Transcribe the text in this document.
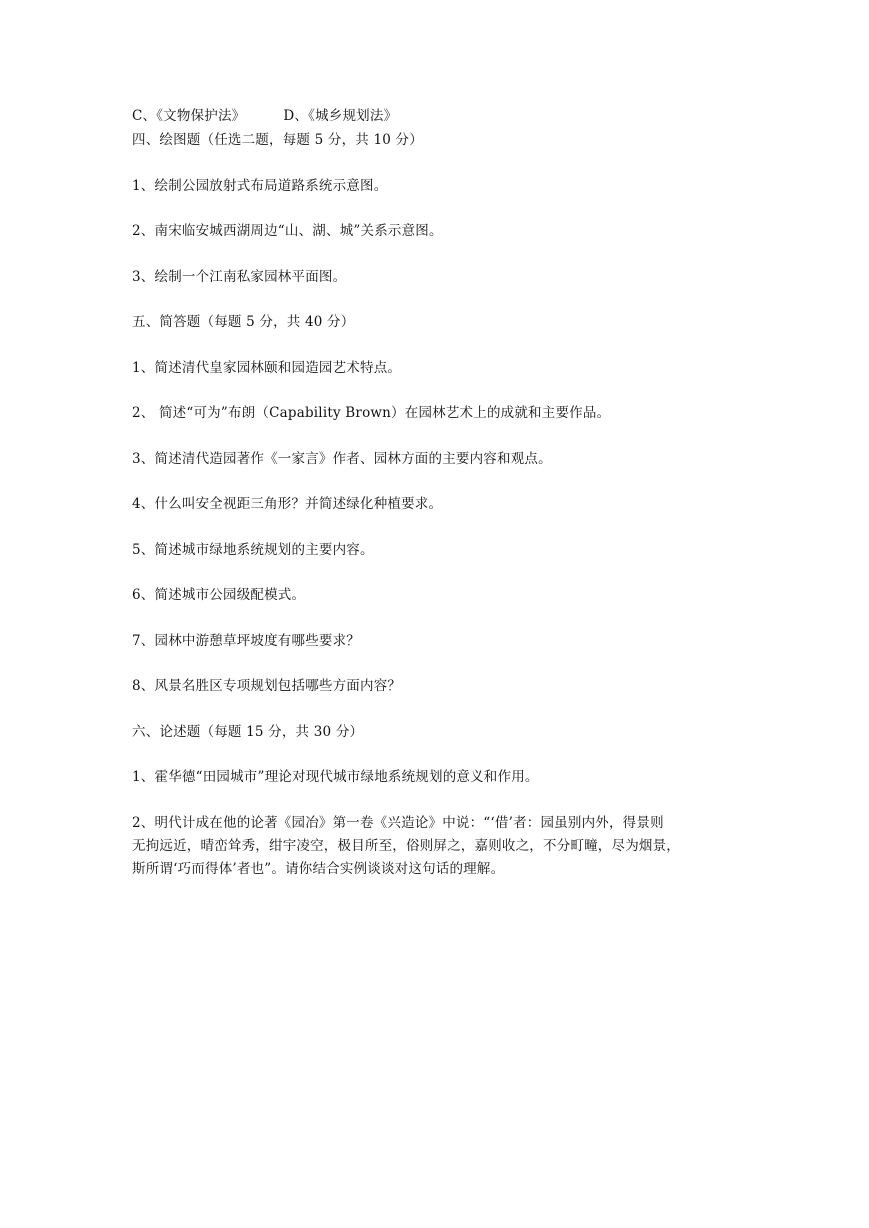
C、《文物保护法》	D、《城乡规划法》
四、绘图题（任选二题，每题 5 分，共 10 分）
1、绘制公园放射式布局道路系统示意图。
2、南宋临安城西湖周边“山、湖、城”关系示意图。
3、绘制一个江南私家园林平面图。
五、简答题（每题 5 分，共 40 分）
1、简述清代皇家园林颐和园造园艺术特点。
2、 简述“可为”布朗（Capability Brown）在园林艺术上的成就和主要作品。
3、简述清代造园著作《一家言》作者、园林方面的主要内容和观点。
4、什么叫安全视距三角形？并简述绿化种植要求。
5、简述城市绿地系统规划的主要内容。
6、简述城市公园级配模式。
7、园林中游憩草坪坡度有哪些要求？
8、风景名胜区专项规划包括哪些方面内容？
六、论述题（每题 15 分，共 30 分）
1、霍华德“田园城市”理论对现代城市绿地系统规划的意义和作用。
2、明代计成在他的论著《园冶》第一卷《兴造论》中说：“‘借’者：园虽别内外，得景则
无拘远近，晴峦耸秀，绀宇凌空，极目所至，俗则屏之，嘉则收之，不分町疃，尽为烟景，
斯所谓‘巧而得体’者也”。请你结合实例谈谈对这句话的理解。
